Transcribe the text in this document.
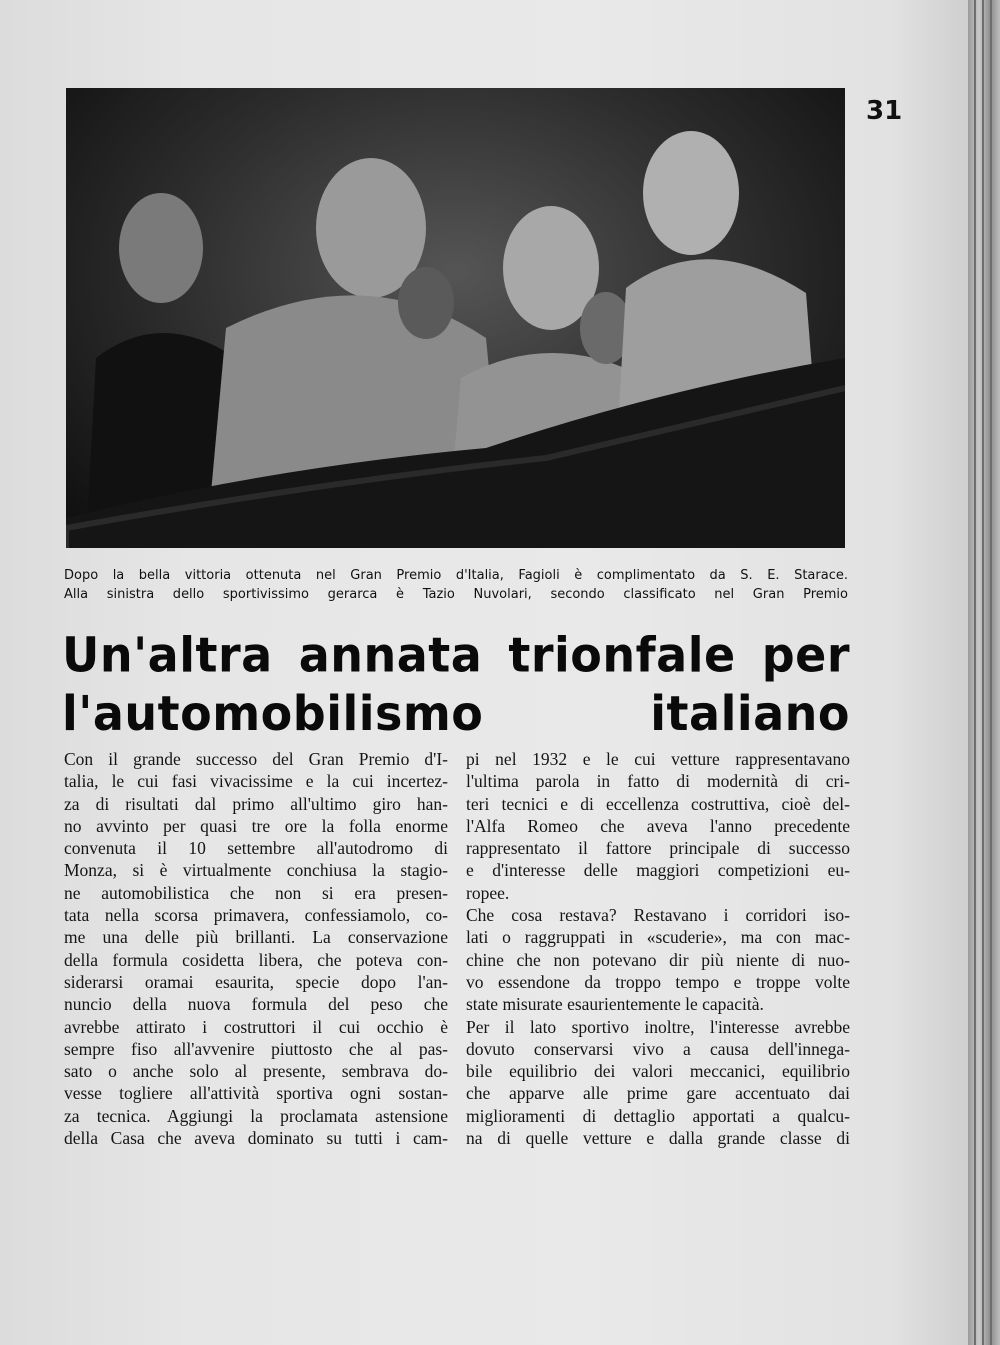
31
Dopo la bella vittoria ottenuta nel Gran Premio d'Italia, Fagioli è complimentato da S. E. Starace.
Alla sinistra dello sportivissimo gerarca è Tazio Nuvolari, secondo classificato nel Gran Premio
Un'altra annata trionfale per
l'automobilismo italiano
Con il grande successo del Gran Premio d'I-
talia, le cui fasi vivacissime e la cui incertez-
za di risultati dal primo all'ultimo giro han-
no avvinto per quasi tre ore la folla enorme
convenuta il 10 settembre all'autodromo di
Monza, si è virtualmente conchiusa la stagio-
ne automobilistica che non si era presen-
tata nella scorsa primavera, confessiamolo, co-
me una delle più brillanti. La conservazione
della formula cosidetta libera, che poteva con-
siderarsi oramai esaurita, specie dopo l'an-
nuncio della nuova formula del peso che
avrebbe attirato i costruttori il cui occhio è
sempre fiso all'avvenire piuttosto che al pas-
sato o anche solo al presente, sembrava do-
vesse togliere all'attività sportiva ogni sostan-
za tecnica. Aggiungi la proclamata astensione
della Casa che aveva dominato su tutti i cam-
pi nel 1932 e le cui vetture rappresentavano
l'ultima parola in fatto di modernità di cri-
teri tecnici e di eccellenza costruttiva, cioè del-
l'Alfa Romeo che aveva l'anno precedente
rappresentato il fattore principale di successo
e d'interesse delle maggiori competizioni eu-
ropee.
Che cosa restava? Restavano i corridori iso-
lati o raggruppati in «scuderie», ma con mac-
chine che non potevano dir più niente di nuo-
vo essendone da troppo tempo e troppe volte
state misurate esaurientemente le capacità.
Per il lato sportivo inoltre, l'interesse avrebbe
dovuto conservarsi vivo a causa dell'innega-
bile equilibrio dei valori meccanici, equilibrio
che apparve alle prime gare accentuato dai
miglioramenti di dettaglio apportati a qualcu-
na di quelle vetture e dalla grande classe di
